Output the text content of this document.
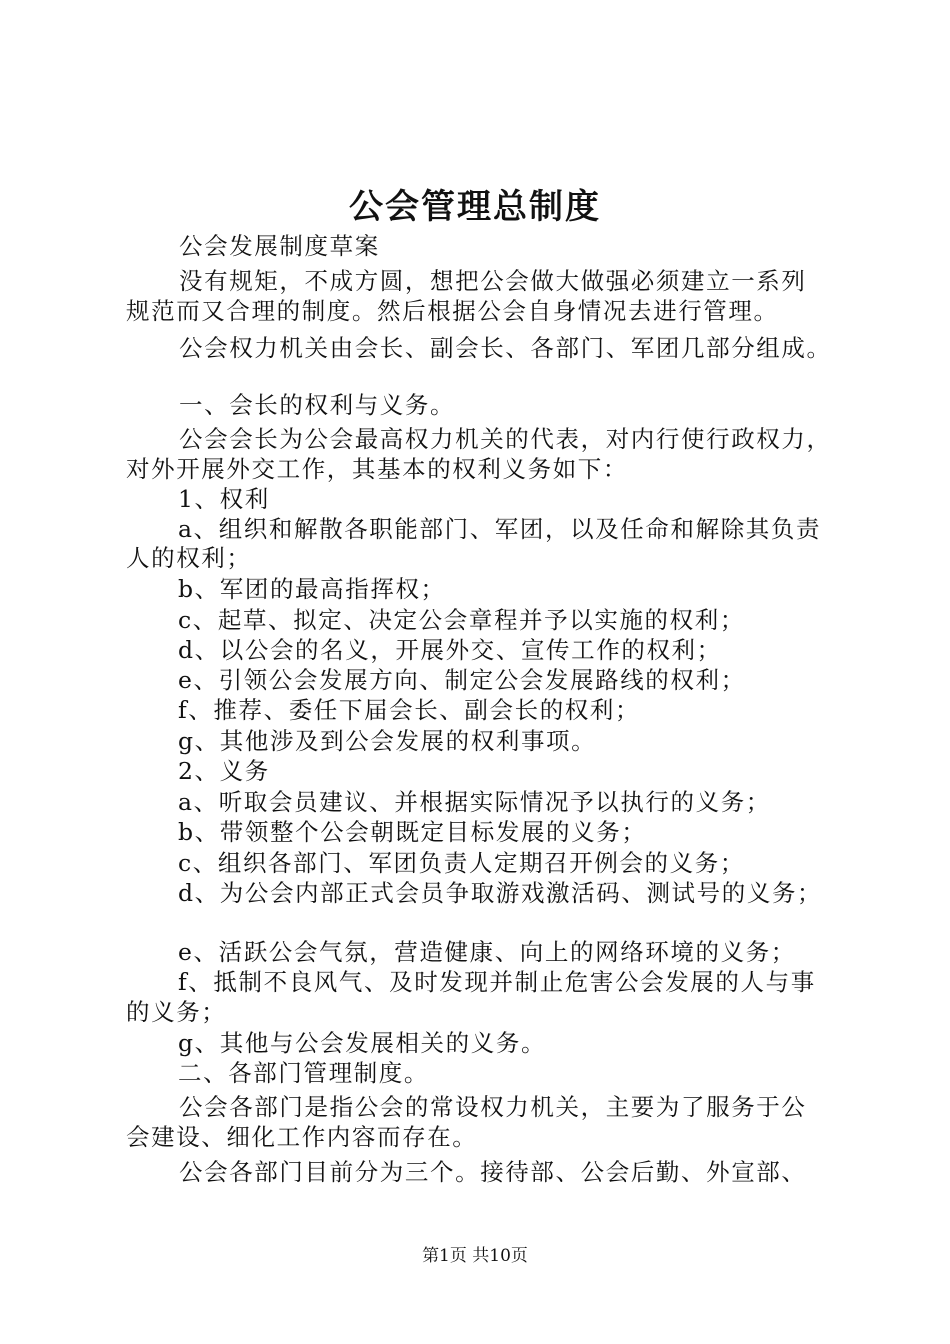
公会管理总制度
公会发展制度草案
没有规矩，不成方圆，想把公会做大做强必须建立一系列
规范而又合理的制度。然后根据公会自身情况去进行管理。
公会权力机关由会长、副会长、各部门、军团几部分组成。
一、会长的权利与义务。
公会会长为公会最高权力机关的代表，对内行使行政权力，
对外开展外交工作，其基本的权利义务如下：
1、权利
a、组织和解散各职能部门、军团，以及任命和解除其负责
人的权利；
b、军团的最高指挥权；
c、起草、拟定、决定公会章程并予以实施的权利；
d、以公会的名义，开展外交、宣传工作的权利；
e、引领公会发展方向、制定公会发展路线的权利；
f、推荐、委任下届会长、副会长的权利；
g、其他涉及到公会发展的权利事项。
2、义务
a、听取会员建议、并根据实际情况予以执行的义务；
b、带领整个公会朝既定目标发展的义务；
c、组织各部门、军团负责人定期召开例会的义务；
d、为公会内部正式会员争取游戏激活码、测试号的义务；
e、活跃公会气氛，营造健康、向上的网络环境的义务；
f、抵制不良风气、及时发现并制止危害公会发展的人与事
的义务；
g、其他与公会发展相关的义务。
二、各部门管理制度。
公会各部门是指公会的常设权力机关，主要为了服务于公
会建设、细化工作内容而存在。
公会各部门目前分为三个。接待部、公会后勤、外宣部、
第1页 共10页
